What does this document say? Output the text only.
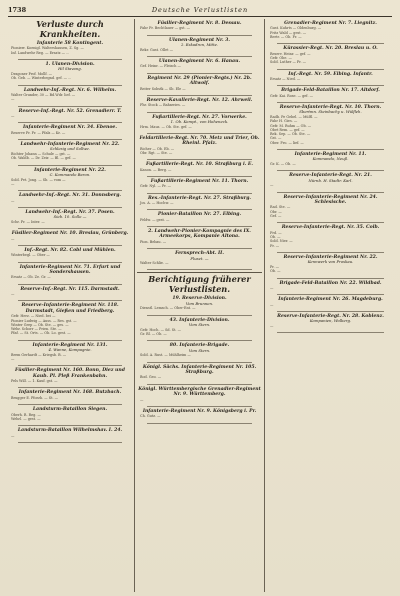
1738	Deutsche Verlustlisten
Verluste durch Krankheiten.
Infanterie 58 Kontingent.
Pionierr. Koenigl. Waltershausen, Z. Sg. —
Inf. Landwehr Reg. — Ersatz — ...
1. Ulanen-Division.
Hil Stavang.
Dragoner Prof. Mollf. —
Ob. Geb. — Winterbegnd. gef. — ...
Landwehr-Inf.-Regt. Nr. 6. Wilhelm.
Walter Grunder, 30 — Bd.Wdr. lief. —
—
Reserve-Inf.-Regt. Nr. 52. Grenadierr. T.
—
Infanterie-Regiment Nr. 34. Ebenoe.
Reserve Fr. Fr. — Pfalz — Kr. —
Landwehr-Infanterie-Regiment Nr. 22.
Schlesig und Sollwe.
Bichter Johann — Schule — gst. —
Ob. Waldb. — Dr. Zeir. — Bl. — gef. —
Infanterie-Regiment Nr. 22.
C. Kommando Baron.
Sold. Pet. Jong. — Sb. — vom —
—
Landwehr-Inf.-Regt. Nr. 31. Donnsberg.
—
Landwehr-Inf.-Regt. Nr. 37. Posen.
Sieb. 10. Sollo —
Schr. Fr. — Inter. —
Füsilier-Regiment Nr. 10. Breslau, Grünberg.
—
Inf.-Regt. Nr. 82. Cobl und Mühlen.
Winterbegl. — Ober —
Infanterie-Regiment Nr. 71. Erfurt und Sondershausen.
Ersatz — Ob. Ze. Gr. —
Reserve-Inf.-Regt. Nr. 115. Darmstadt.
—
Reserve-Infanterie-Regiment Nr. 118. Darmstadt, Gießen und Friedberg.
Gefr. Herz. — Nied. bei —
Pionier Ludwig — Auss. — Res. gst. —
Winter Grep — Ob. Ste. — ges. —
Wehr. Schorr — Prien. Ste. —
Pfaf. — St. Orts. — Ob. Lo. gest. —
Infanterie-Regiment Nr. 131.
4. Wanne, Kompagnie.
Brem Gerhardt — Kriegsb. B. —
—
Füsilier-Regiment Nr. 160. Bonn, Diez und Kaub. Pl. Pleß Frankenbahn.
Pels Will. — 1. Kauf. gst. —
Infanterie-Regiment Nr. 168. Butzbach.
Brugger E. Pforzh. — St. —
Landsturm-Bataillon Siegen.
Oberh. R. Reg. —
Wehrl. — gest. —
Landsturm-Bataillon Wilhelmshav. I. 24.
—
Füsilier-Regiment Nr. 8. Dessau.
Fahr Fr. Bechtlauer — gst. —
Ulanen-Regiment Nr. 3.
2. Eskadron, Mitte.
Rekr. Gust. Ollet —
Ulanen-Regiment Nr. 6. Hanau.
Gef. Heinr. — Fleisch —
Regiment Nr. 29 (Pionier-Regts.) Nr. 2b. Altwolf.
Reiter Sobstk — Sb. Ele —
Reserve-Kavallerie-Regt. Nr. 12. Ahrweil.
Fhr. Stock — Bahnwies. —
Fußartillerie-Regt. Nr. 27. Vorwerke.
1. Ob. Kompt., von Hoheneck.
Hrm. Maus. — Ob. Ste. gef. —
Feldartillerie-Regt. Nr. 70. Metz und Trier, Ob. Rheinl. Pfalz.
Richer — Ob. Eb. —
Obr. Rgt. — Ste. —
Fußartillerie-Regt. Nr. 10. Straßburg i. E.
Kanon. — Berg. —
Fußartillerie-Regiment Nr. 11. Thorn.
Gefr. Nyl. — Pr. —
Res.-Infanterie-Regt. Nr. 27. Straßburg.
Jos. A. — Hochw. —
Pionier-Bataillon Nr. 27. Elbing.
Feldw. — gest. —
2. Landwehr-Pionier-Kompagnie des IX. Armeekorps, Kompanie Altona.
Pion. Bebau. —
Fernsprech-Abt. II.
Pluset. —
Walter Schlie. —
Berichtigung früherer Verlustlisten.
19. Reserve-Division.
Vom Brunnen.
Dienstl. Lemsch. — Ober-Ent. —
43. Infanterie-Division.
Vom Stern.
Gefr. Hoch. — Sd. St. —
Gr. Bl. — Ob. —
80. Infanterie-Brigade.
Vom Stern.
Sold. A. Rust. — Mühlheim —
Königl. Sächs. Infanterie-Regiment Nr. 105. Straßburg.
Bod. Geo. —
Königl. Württembergische Grenadier-Regiment Nr. 9. Württemberg.
—
Infanterie-Regiment Nr. 9. Königsberg i. Pr.
Ch. Gutz. —
Grenadier-Regiment Nr. 7. Liegnitz.
Gust. Kuhrts — Oldenburg. —
Fritz Wald — gest. —
Bertr. — Ob. Fr. —
Kürassier-Regt. Nr. 20. Breslau u. O.
Reserv. Heinr. — gef. —
Gefr. Obe. —
Sold. Luther — Fr. —
Inf.-Regt. Nr. 59. Elbing. Infantr.
Ersatz — Nied. —
Brigade-Feld-Bataillon Nr. 17. Altdorf.
Gefr. Kai. Rose. — gef. —
Reserve-Infanterie-Regt. Nr. 10. Thorn.
Sbertmn. Steinbachy u. Wülfleh.
Radb. Pe Gebel. — Mülfl. —
Fahr H. Gies. —
Gefr. M. Ruhm — Ob. —
Obet Rem. — gef. —
Rek. Sep. — Ob. Ste. —
Gst. —
Ober. Fro. — lief. —
Infanterie-Regiment Nr. 11.
Kommando, Neuß.
Gr. K. — Ob. —
Reserve-Infanterie-Regt. Nr. 21.
Nürnb. H. Stadtr. Karl.
—
Reserve-Infanterie-Regiment Nr. 24. Schlesische.
Rad. Ste. —
Obr. —
Gef. —
Reserve-Infanterie-Regt. Nr. 35. Colb.
Frd. —
Ob. —
Sold. Nier. —
Fr. —
Reserve-Infanterie-Regiment Nr. 22.
Kennwerk von Proskau.
Pr. —
Ob. —
Brigade-Feld-Bataillon Nr. 22. Wildbad.
—
Infanterie-Regiment Nr. 26. Magdeburg.
—
Reserve-Infanterie-Regt. Nr. 28. Koblenz.
Kompanien, Wolberg.
—
